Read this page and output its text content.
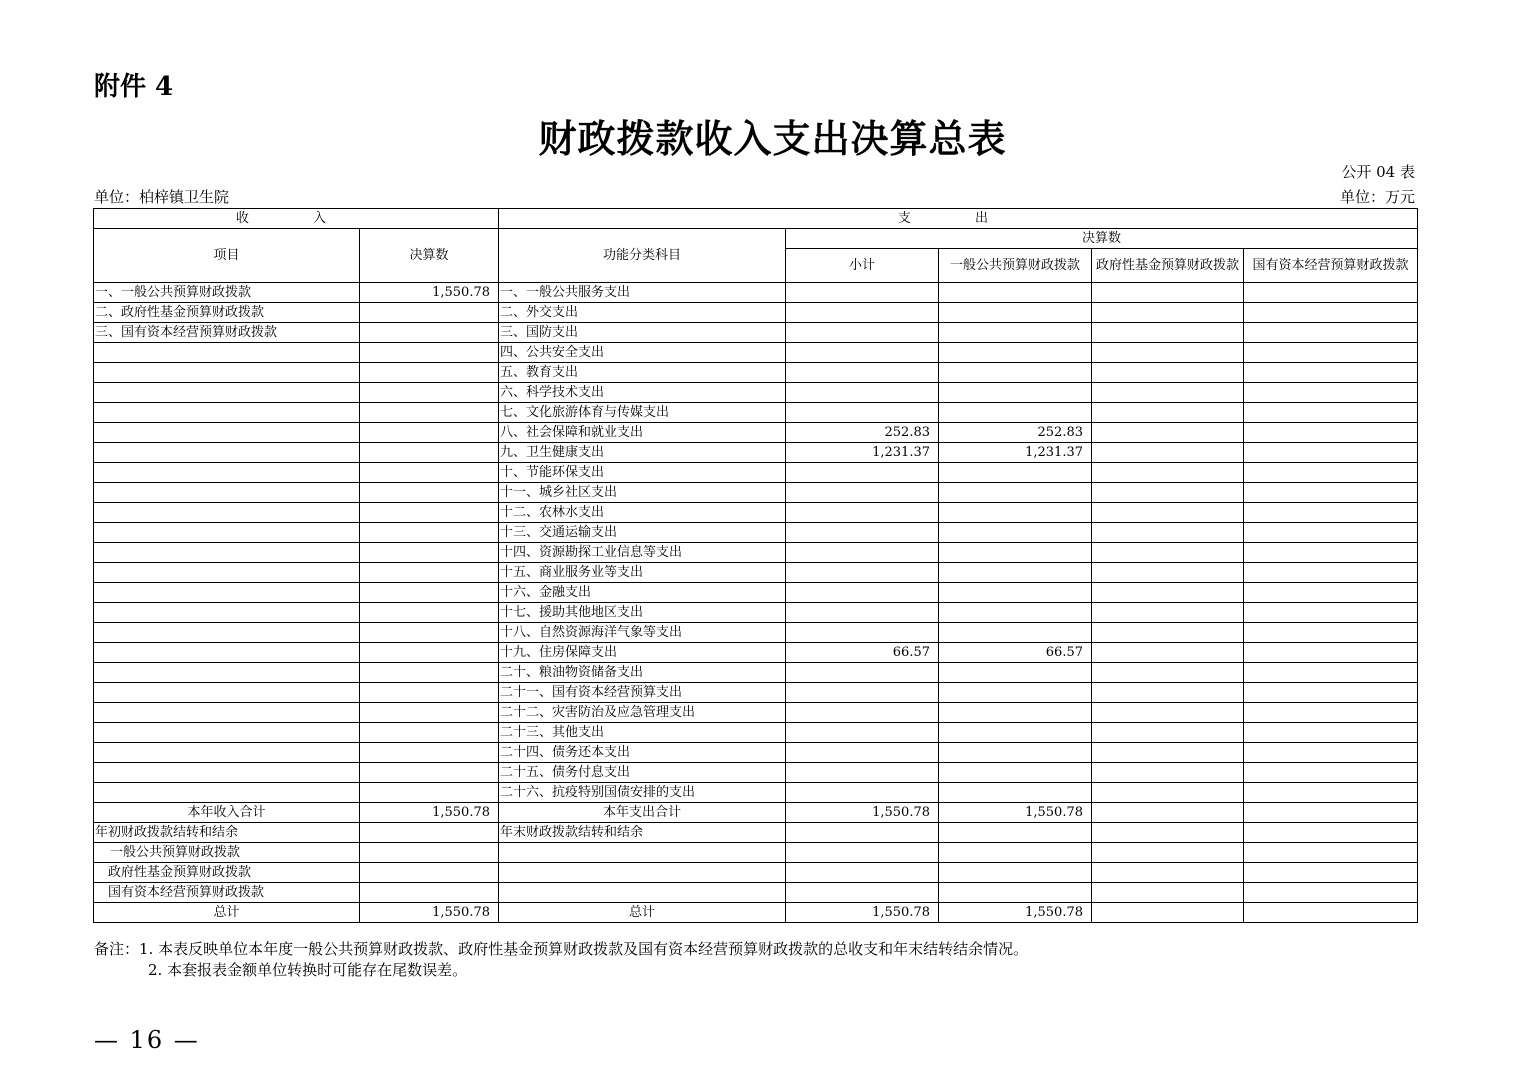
附件 4
财政拨款收入支出决算总表
公开 04 表
单位：柏梓镇卫生院	单位：万元
收 入		支 出				
项目	决算数	功能分类科目	决算数			
			小计	一般公共预算财政拨款	政府性基金预算财政拨款	国有资本经营预算财政拨款
一、一般公共预算财政拨款	1,550.78	一、一般公共服务支出				
二、政府性基金预算财政拨款		二、外交支出				
三、国有资本经营预算财政拨款		三、国防支出				
		四、公共安全支出				
		五、教育支出				
		六、科学技术支出				
		七、文化旅游体育与传媒支出				
		八、社会保障和就业支出	252.83	252.83		
		九、卫生健康支出	1,231.37	1,231.37		
		十、节能环保支出				
		十一、城乡社区支出				
		十二、农林水支出				
		十三、交通运输支出				
		十四、资源勘探工业信息等支出				
		十五、商业服务业等支出				
		十六、金融支出				
		十七、援助其他地区支出				
		十八、自然资源海洋气象等支出				
		十九、住房保障支出	66.57	66.57		
		二十、粮油物资储备支出				
		二十一、国有资本经营预算支出				
		二十二、灾害防治及应急管理支出				
		二十三、其他支出				
		二十四、债务还本支出				
		二十五、债务付息支出				
		二十六、抗疫特别国债安排的支出				
本年收入合计	1,550.78	本年支出合计	1,550.78	1,550.78		
年初财政拨款结转和结余		年末财政拨款结转和结余				
一般公共预算财政拨款						
政府性基金预算财政拨款						
国有资本经营预算财政拨款						
总计	1,550.78	总计	1,550.78	1,550.78		
备注：1. 本表反映单位本年度一般公共预算财政拨款、政府性基金预算财政拨款及国有资本经营预算财政拨款的总收支和年末结转结余情况。
2. 本套报表金额单位转换时可能存在尾数误差。
— 16 —
